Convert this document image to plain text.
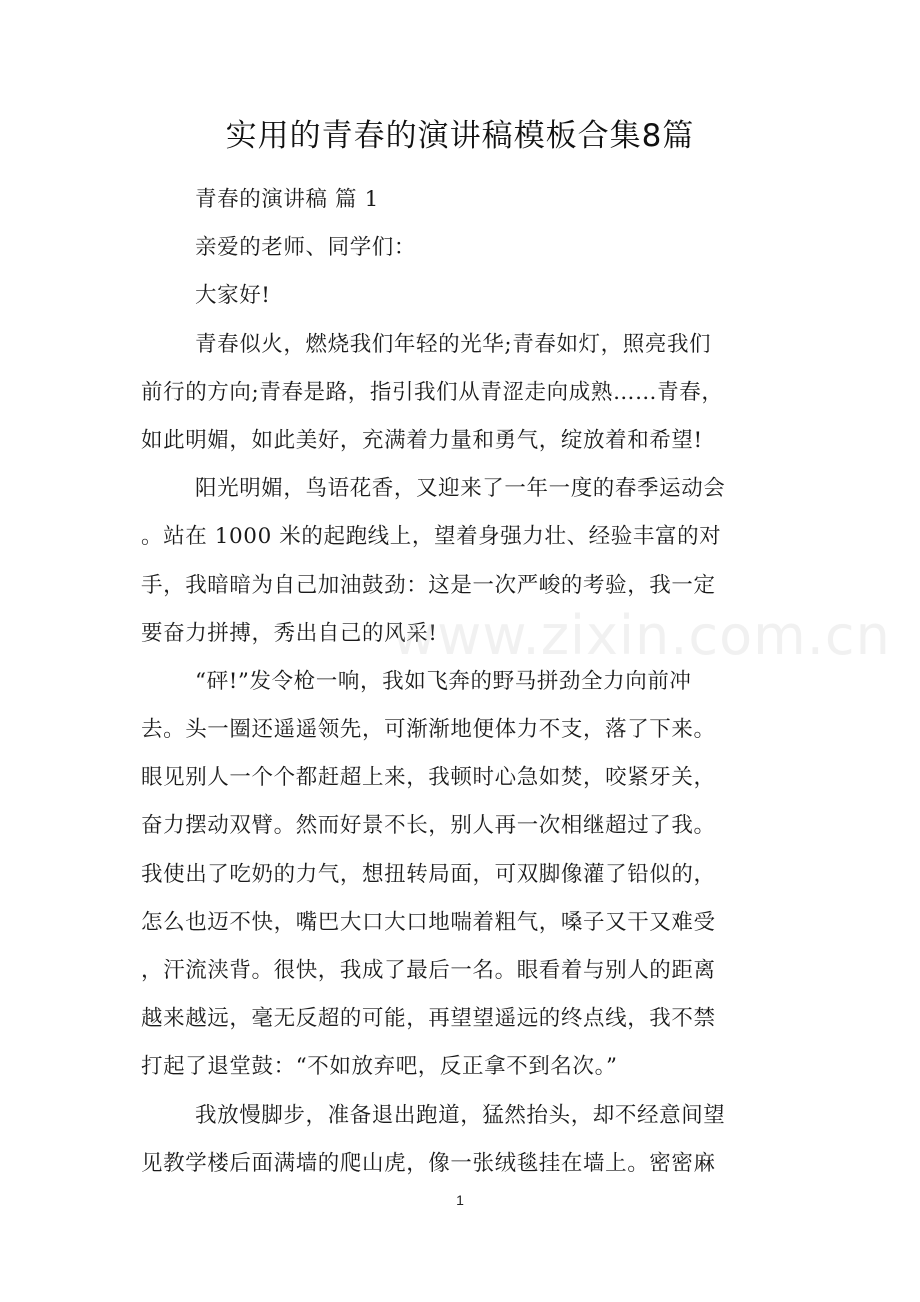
实用的青春的演讲稿模板合集8篇
青春的演讲稿 篇 1
亲爱的老师、同学们：
大家好!
青春似火，燃烧我们年轻的光华;青春如灯，照亮我们
前行的方向;青春是路，指引我们从青涩走向成熟……青春，
如此明媚，如此美好，充满着力量和勇气，绽放着和希望!
阳光明媚，鸟语花香，又迎来了一年一度的春季运动会
。站在 1000 米的起跑线上，望着身强力壮、经验丰富的对
手，我暗暗为自己加油鼓劲：这是一次严峻的考验，我一定
要奋力拼搏，秀出自己的风采!
“砰!”发令枪一响，我如飞奔的野马拼劲全力向前冲
去。头一圈还遥遥领先，可渐渐地便体力不支，落了下来。
眼见别人一个个都赶超上来，我顿时心急如焚，咬紧牙关，
奋力摆动双臂。然而好景不长，别人再一次相继超过了我。
我使出了吃奶的力气，想扭转局面，可双脚像灌了铅似的，
怎么也迈不快，嘴巴大口大口地喘着粗气，嗓子又干又难受
，汗流浃背。很快，我成了最后一名。眼看着与别人的距离
越来越远，毫无反超的可能，再望望遥远的终点线，我不禁
打起了退堂鼓：“不如放弃吧，反正拿不到名次。”
我放慢脚步，准备退出跑道，猛然抬头，却不经意间望
见教学楼后面满墙的爬山虎，像一张绒毯挂在墙上。密密麻
www.zixin.com.cn
1
